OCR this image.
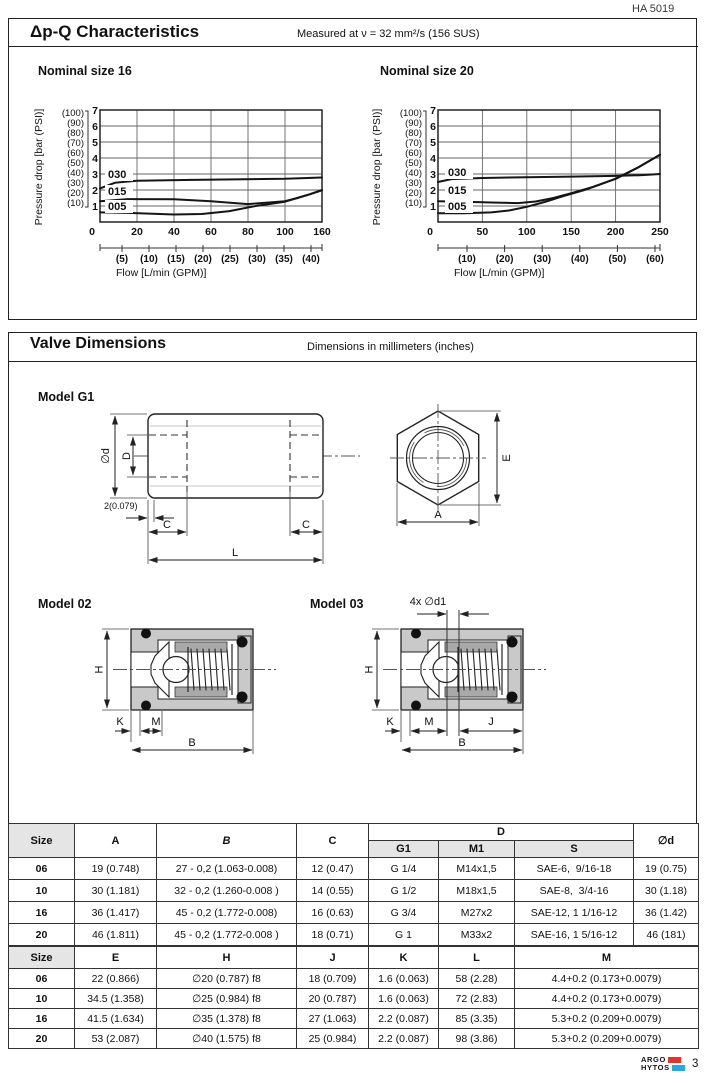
HA 5019
Δp-Q Characteristics	Measured at ν = 32 mm²/s (156 SUS)
Nominal size 16	Nominal size 20
Pressure drop [bar (PSI)]	Pressure drop [bar (PSI)]
7
6
5
4
3
2
1
(100)
(90)
(80)
(70)
(60)
(50)
(40)
(30)
(20)
(10)
0	20 40 60 80 100 160
(5) (10) (15) (20) (25) (30) (35) (40)
Flow [L/min (GPM)]
030
015
005
7
6
5
4
3
2
1
(100)
(90)
(80)
(70)
(60)
(50)
(40)
(30)
(20)
(10)
0	50	100	150	200	250
(10) (20) (30) (40) (50) (60)
Flow [L/min (GPM)]
030
015
005
Valve Dimensions	Dimensions in millimeters (inches)
Model G1
Model 02	Model 03
∅d D
2(0.079)
C	C
L
E
A
H
K	M
B
4x ∅d1
H
K	M	J
B
Size	A	B	C	D			∅d
				G1	M1	S	
06	19 (0.748)	27 - 0,2 (1.063-0.008)	12 (0.47)	G 1/4	M14x1,5	SAE-6,  9/16-18	19 (0.75)
10	30 (1.181)	32 - 0,2 (1.260-0.008 )	14 (0.55)	G 1/2	M18x1,5	SAE-8,  3/4-16	30 (1.18)
16	36 (1.417)	45 - 0,2 (1.772-0.008)	16 (0.63)	G 3/4	M27x2	SAE-12, 1 1/16-12	36 (1.42)
20	46 (1.811)	45 - 0,2 (1.772-0.008 )	18 (0.71)	G 1	M33x2	SAE-16, 1 5/16-12	46 (181)
Size	E	H	J	K	L	M
06	22 (0.866)	∅20 (0.787) f8	18 (0.709)	1.6 (0.063)	58 (2.28)	4.4+0.2 (0.173+0.0079)
10	34.5 (1.358)	∅25 (0.984) f8	20 (0.787)	1.6 (0.063)	72 (2.83)	4.4+0.2 (0.173+0.0079)
16	41.5 (1.634)	∅35 (1.378) f8	27 (1.063)	2.2 (0.087)	85 (3.35)	5.3+0.2 (0.209+0.0079)
20	53 (2.087)	∅40 (1.575) f8	25 (0.984)	2.2 (0.087)	98 (3.86)	5.3+0.2 (0.209+0.0079)
ARGO
HYTOS 3
